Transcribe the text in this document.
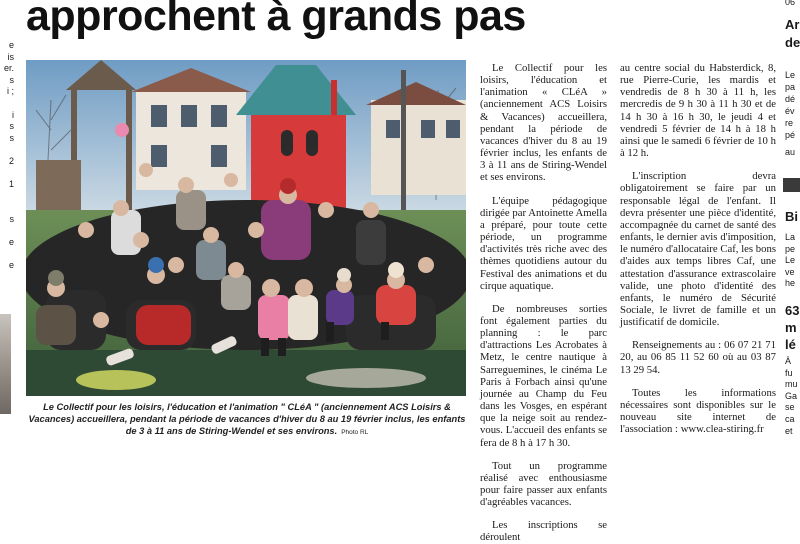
e
is
er.
s
i ;
i
s
s
2
1
s
e
e
approchent à grands pas
Le Collectif pour les loisirs, l'éducation et l'animation " CLéA " (anciennement ACS Loisirs & Vacances) accueillera, pendant la période de vacances d'hiver du 8 au 19 février inclus, les enfants de 3 à 11 ans de Stiring-Wendel et ses environs. Photo RL

Le Collectif pour les loisirs, l'éducation et l'animation « CLéA » (anciennement ACS Loisirs & Vacances) accueillera, pendant la période de vacances d'hiver du 8 au 19 février inclus, les enfants de 3 à 11 ans de Stiring-Wendel et ses environs.

L'équipe pédagogique dirigée par Antoinette Amella a préparé, pour toute cette période, un programme d'activités très riche avec des thèmes quotidiens autour du Festival des animations et du cirque aquatique.

De nombreuses sorties font également parties du planning : le parc d'attractions Les Acrobates à Metz, le centre nautique à Sarreguemines, le cinéma Le Paris à Forbach ainsi qu'une journée au Champ du Feu dans les Vosges, en espérant que la neige soit au rendez-vous. L'accueil des enfants se fera de 8 h à 17 h 30.

Tout un programme réalisé avec enthousiasme pour faire passer aux enfants d'agréables vacances.

Les inscriptions se déroulent

au centre social du Habsterdick, 8, rue Pierre-Curie, les mardis et vendredis de 8 h 30 à 11 h, les mercredis de 9 h 30 à 11 h 30 et de 14 h 30 à 16 h 30, le jeudi 4 et vendredi 5 février de 14 h à 18 h ainsi que le samedi 6 février de 10 h à 12 h.

L'inscription devra obligatoirement se faire par un responsable légal de l'enfant. Il devra présenter une pièce d'identité, accompagnée du carnet de santé des enfants, le dernier avis d'imposition, le numéro d'allocataire Caf, les bons d'aides aux temps libres Caf, une attestation d'assurance extrascolaire valide, une photo d'identité des enfants, le numéro de Sécurité Sociale, le livret de famille et un justificatif de domicile.

Renseignements au : 06 07 21 71 20, au 06 85 11 52 60 où au 03 87 13 29 54.

Toutes les informations nécessaires sont disponibles sur le nouveau site internet de l'association : www.clea-stiring.fr

06
Ar
de
Le
pa
dé
év
re
pé
au
Bi
La
pe
Le
ve
he
63
m
lé
À
fu
mu
Ga
se
ca
et
